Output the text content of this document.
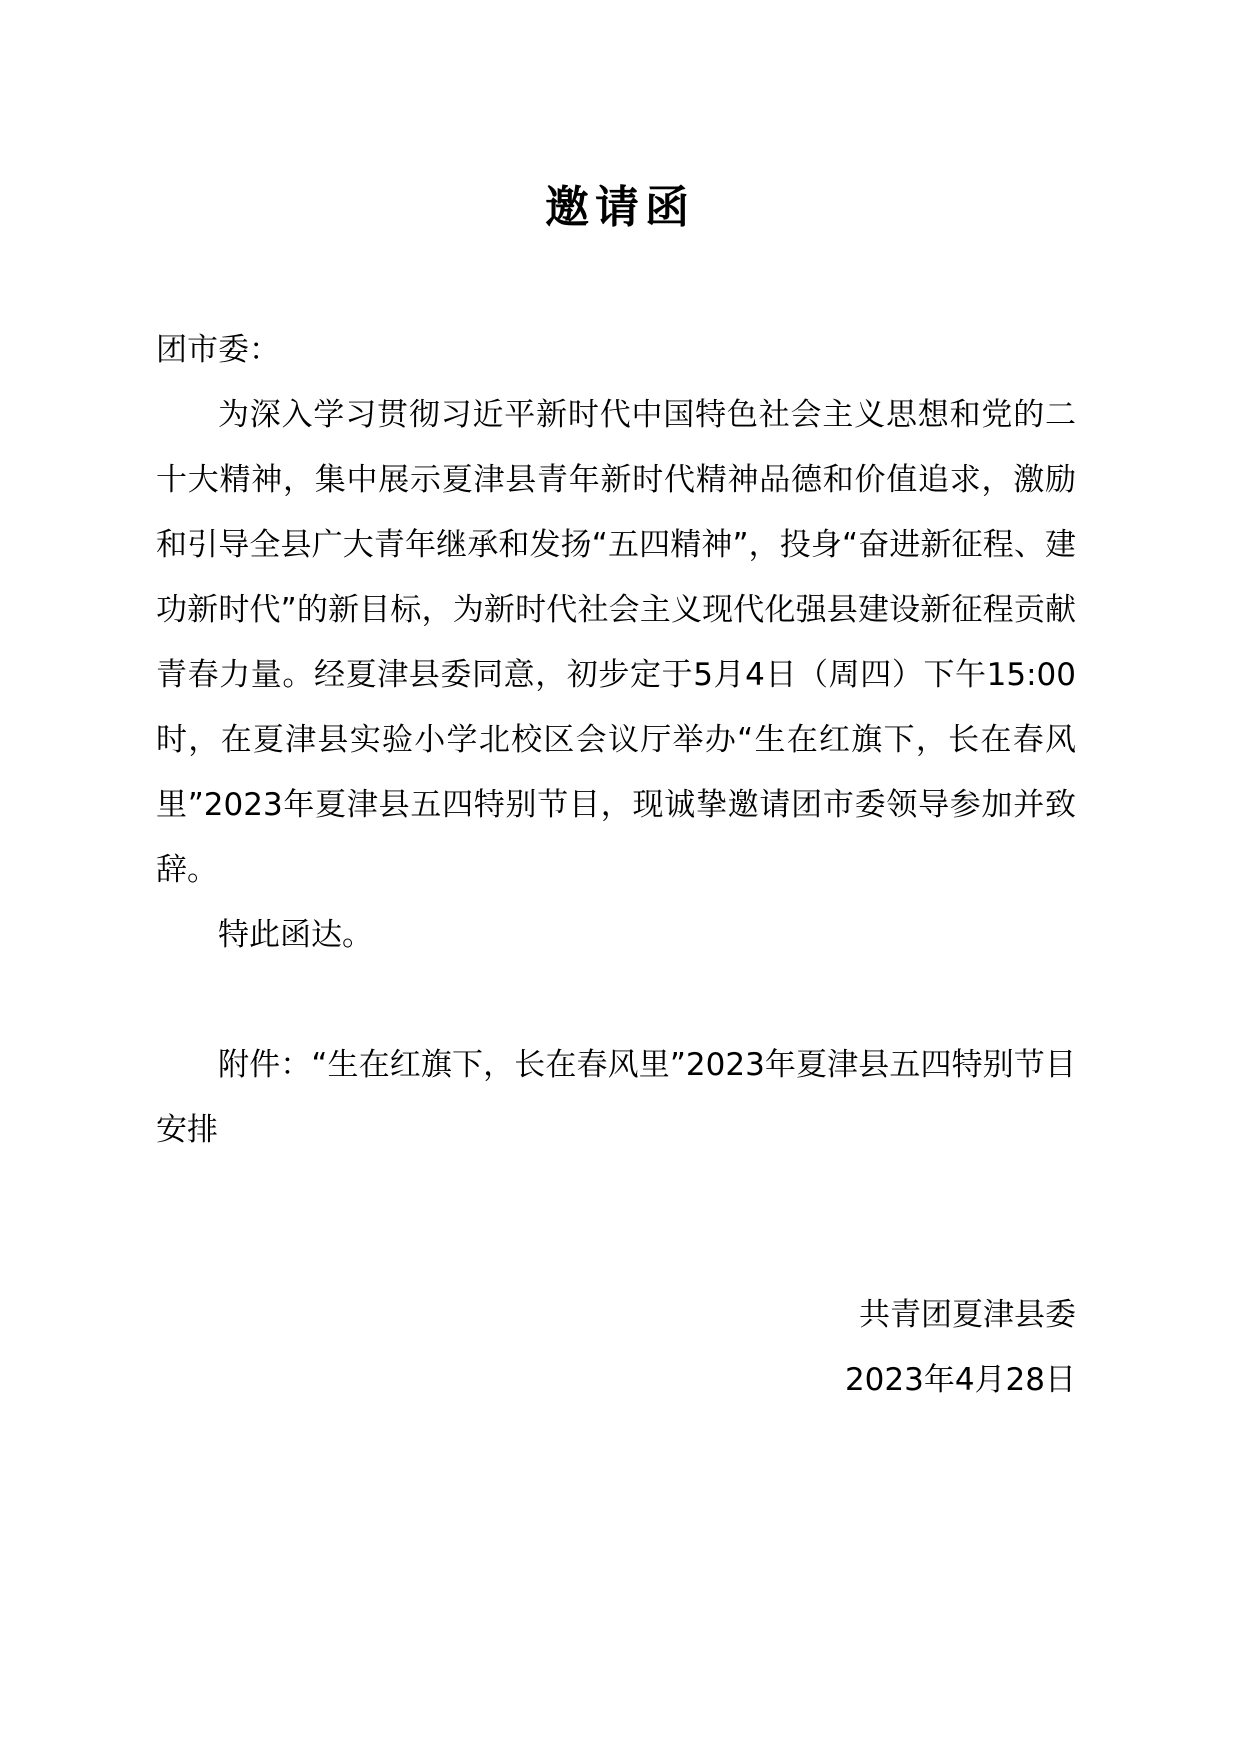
邀请函

团市委：

为深入学习贯彻习近平新时代中国特色社会主义思想和党的二十大精神，集中展示夏津县青年新时代精神品德和价值追求，激励和引导全县广大青年继承和发扬“五四精神”，投身“奋进新征程、建功新时代”的新目标，为新时代社会主义现代化强县建设新征程贡献青春力量。经夏津县委同意，初步定于5月4日（周四）下午15:00时，在夏津县实验小学北校区会议厅举办“生在红旗下，长在春风里”2023年夏津县五四特别节目，现诚挚邀请团市委领导参加并致辞。

特此函达。

附件：“生在红旗下，长在春风里”2023年夏津县五四特别节目安排

共青团夏津县委
2023年4月28日
